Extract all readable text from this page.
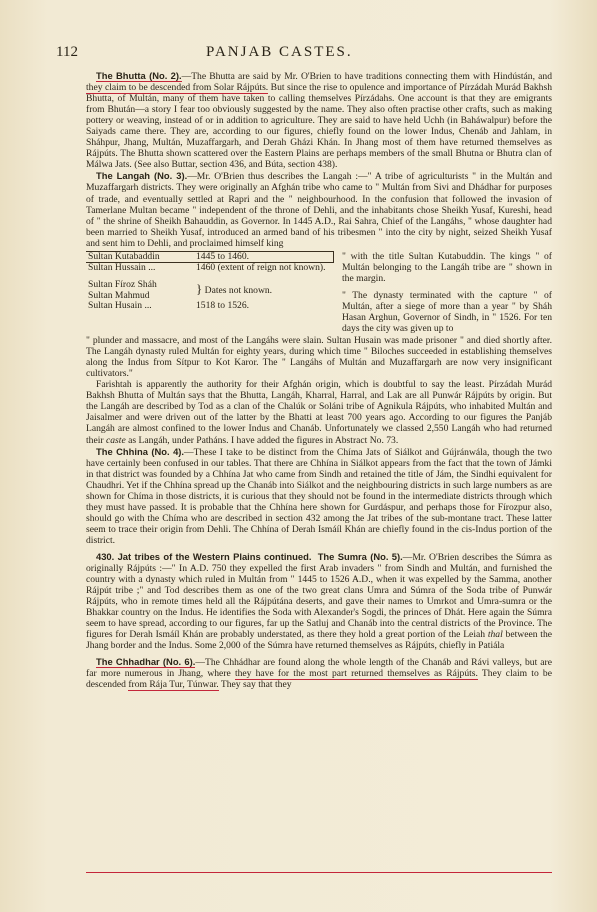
112	PANJAB CASTES.

The Bhutta (No. 2).—The Bhutta are said by Mr. O'Brien to have traditions connecting them with Hindústán, and they claim to be descended from Solar Rájpúts. But since the rise to opulence and importance of Pírzádah Murád Bakhsh Bhutta, of Multán, many of them have taken to calling themselves Pírzádahs. One account is that they are emigrants from Bhután—a story I fear too obviously suggested by the name. They also often practise other crafts, such as making pottery or weaving, instead of or in addition to agriculture. They are said to have held Uchh (in Baháwalpur) before the Saiyads came there. They are, according to our figures, chiefly found on the lower Indus, Chenáb and Jahlam, in Sháhpur, Jhang, Multán, Muzaffargarh, and Derah Gházi Khán. In Jhang most of them have returned themselves as Rájpúts. The Bhutta shown scattered over the Eastern Plains are perhaps members of the small Bhutna or Bhutra clan of Málwa Jats. (See also Buttar, section 436, and Búta, section 438).

The Langah (No. 3).—Mr. O'Brien thus describes the Langah :—" A tribe of agriculturists " in the Multán and Muzaffargarh districts. They were originally an Afghán tribe who came to " Multán from Sivi and Dhádhar for purposes of trade, and eventually settled at Rapri and the " neighbourhood. In the confusion that followed the invasion of Tamerlane Multan became " independent of the throne of Dehli, and the inhabitants chose Sheikh Yusaf, Kureshi, head of " the shrine of Sheikh Bahauddin, as Governor. In 1445 A.D., Rai Sahra, Chief of the Langáhs, " whose daughter had been married to Sheikh Yusaf, introduced an armed band of his tribesmen " into the city by night, seized Sheikh Yusaf and sent him to Dehli, and proclaimed himself king

Sultan Kutabaddin	1445 to 1460.
Sultan Hussain ...	1460 (extent of reign not known).
Sultan Fíroz Sháh	} Dates not known.
Sultan Mahmud	
Sultan Husain ...	1518 to 1526.

" with the title Sultan Kutabuddin. The kings " of Multán belonging to the Langáh tribe are " shown in the margin.

" The dynasty terminated with the capture " of Multán, after a siege of more than a year " by Sháh Hasan Arghun, Governor of Sindh, in " 1526. For ten days the city was given up to

" plunder and massacre, and most of the Langáhs were slain. Sultan Husain was made prisoner " and died shortly after. The Langáh dynasty ruled Multán for eighty years, during which time " Biloches succeeded in establishing themselves along the Indus from Sítpur to Kot Karor. The " Langáhs of Multán and Muzaffargarh are now very insignificant cultivators."

Farishtah is apparently the authority for their Afghán origin, which is doubtful to say the least. Pírzádah Murád Bakhsh Bhutta of Multán says that the Bhutta, Langáh, Kharral, Harral, and Lak are all Punwár Rájpúts by origin. But the Langáh are described by Tod as a clan of the Chalúk or Soláni tribe of Agnikula Rájpúts, who inhabited Multán and Jaisalmer and were driven out of the latter by the Bhatti at least 700 years ago. According to our figures the Panjáb Langáh are almost confined to the lower Indus and Chanáb. Unfortunately we classed 2,550 Langáh who had returned their caste as Langáh, under Patháns. I have added the figures in Abstract No. 73.

The Chhina (No. 4).—These I take to be distinct from the Chíma Jats of Siálkot and Gújránwála, though the two have certainly been confused in our tables. That there are Chhína in Siálkot appears from the fact that the town of Jámki in that district was founded by a Chhína Jat who came from Sindh and retained the title of Jám, the Sindhi equivalent for Chaudhri. Yet if the Chhína spread up the Chanáb into Siálkot and the neighbouring districts in such large numbers as are shown for Chíma in those districts, it is curious that they should not be found in the intermediate districts through which they must have passed. It is probable that the Chhína here shown for Gurdáspur, and perhaps those for Fírozpur also, should go with the Chíma who are described in section 432 among the Jat tribes of the sub-montane tract. These latter seem to trace their origin from Dehli. The Chhína of Derah Ismáíl Khán are chiefly found in the cis-Indus portion of the district.

430. Jat tribes of the Western Plains continued. The Sumra (No. 5).—Mr. O'Brien describes the Súmra as originally Rájpúts :—" In A.D. 750 they expelled the first Arab invaders " from Sindh and Multán, and furnished the country with a dynasty which ruled in Multán from " 1445 to 1526 A.D., when it was expelled by the Samma, another Rájpút tribe ;" and Tod describes them as one of the two great clans Umra and Súmra of the Soda tribe of Punwár Rájpúts, who in remote times held all the Rájpútána deserts, and gave their names to Umrkot and Umra-sumra or the Bhakkar country on the Indus. He identifies the Soda with Alexander's Sogdi, the princes of Dhát. Here again the Súmra seem to have spread, according to our figures, far up the Satluj and Chanáb into the central districts of the Province. The figures for Derah Ismáíl Khán are probably understated, as there they hold a great portion of the Leiah thal between the Jhang border and the Indus. Some 2,000 of the Súmra have returned themselves as Rájpúts, chiefly in Patiála

The Chhadhar (No. 6).—The Chhádhar are found along the whole length of the Chanáb and Rávi valleys, but are far more numerous in Jhang, where they have for the most part returned themselves as Rájpúts. They claim to be descended from Rája Tur, Túnwar. They say that they
